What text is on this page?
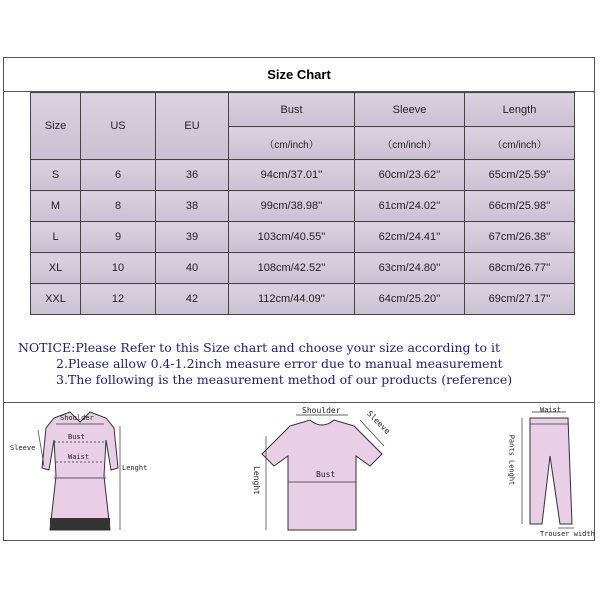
Size Chart
Size	US	EU	Bust	Sleeve	Length
			（cm/inch）	（cm/inch）	（cm/inch）
S	6	36	94cm/37.01''	60cm/23.62''	65cm/25.59''
M	8	38	99cm/38.98''	61cm/24.02''	66cm/25.98''
L	9	39	103cm/40.55''	62cm/24.41''	67cm/26.38''
XL	10	40	108cm/42.52''	63cm/24.80''	68cm/26.77''
XXL	12	42	112cm/44.09''	64cm/25.20''	69cm/27.17''
NOTICE:Please Refer to this Size chart and choose your size according to it
2.Please allow 0.4-1.2inch measure error due to manual measurement
3.The following is the measurement method of our products (reference)
Shoulder
Bust
Waist
Sleeve
Lenght
Shoulder	Sleeve
Bust
Lenght
Waist
Pants Lenght
Trouser width
